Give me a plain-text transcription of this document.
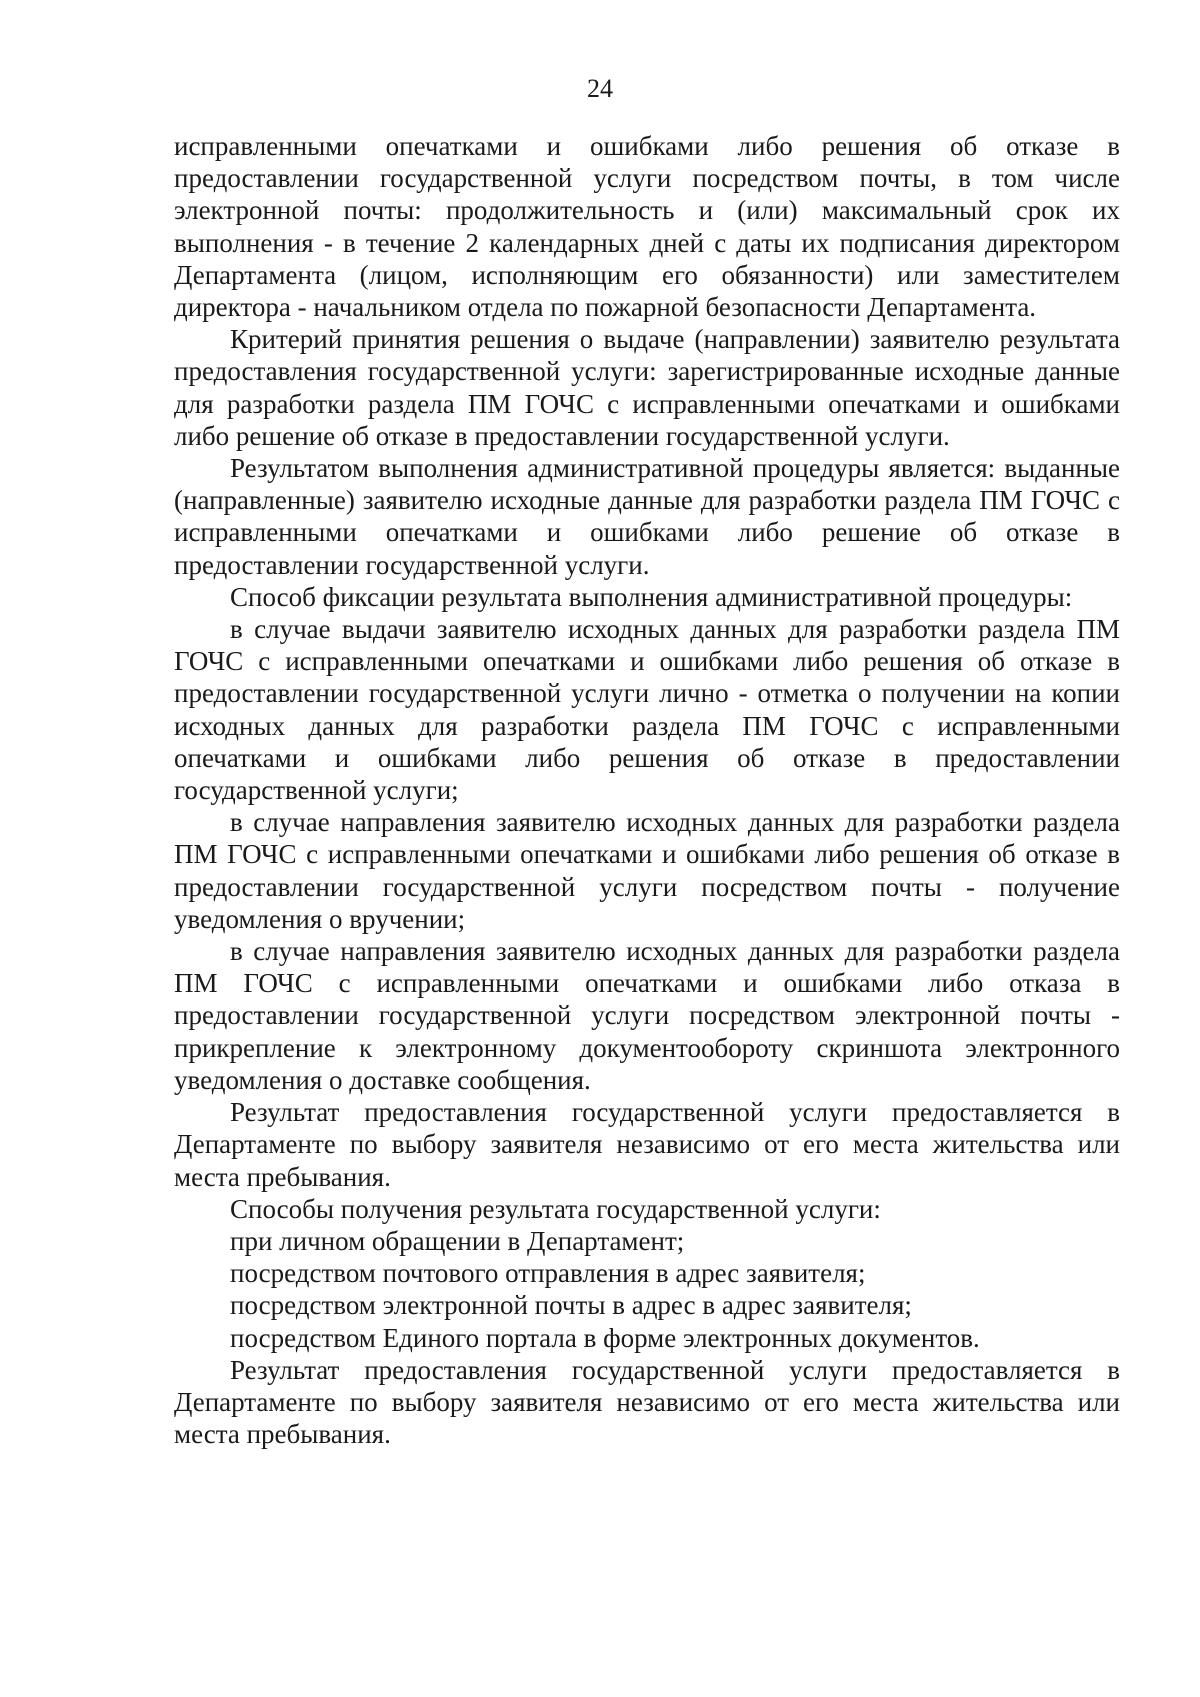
24

исправленными опечатками и ошибками либо решения об отказе в предоставлении государственной услуги посредством почты, в том числе электронной почты: продолжительность и (или) максимальный срок их выполнения - в течение 2 календарных дней с даты их подписания директором Департамента (лицом, исполняющим его обязанности) или заместителем директора - начальником отдела по пожарной безопасности Департамента.

Критерий принятия решения о выдаче (направлении) заявителю результата предоставления государственной услуги: зарегистрированные исходные данные для разработки раздела ПМ ГОЧС с исправленными опечатками и ошибками либо решение об отказе в предоставлении государственной услуги.

Результатом выполнения административной процедуры является: выданные (направленные) заявителю исходные данные для разработки раздела ПМ ГОЧС с исправленными опечатками и ошибками либо решение об отказе в предоставлении государственной услуги.

Способ фиксации результата выполнения административной процедуры:

в случае выдачи заявителю исходных данных для разработки раздела ПМ ГОЧС с исправленными опечатками и ошибками либо решения об отказе в предоставлении государственной услуги лично - отметка о получении на копии исходных данных для разработки раздела ПМ ГОЧС с исправленными опечатками и ошибками либо решения об отказе в предоставлении государственной услуги;

в случае направления заявителю исходных данных для разработки раздела ПМ ГОЧС с исправленными опечатками и ошибками либо решения об отказе в предоставлении государственной услуги посредством почты - получение уведомления о вручении;

в случае направления заявителю исходных данных для разработки раздела ПМ ГОЧС с исправленными опечатками и ошибками либо отказа в предоставлении государственной услуги посредством электронной почты - прикрепление к электронному документообороту скриншота электронного уведомления о доставке сообщения.

Результат предоставления государственной услуги предоставляется в Департаменте по выбору заявителя независимо от его места жительства или места пребывания.

Способы получения результата государственной услуги:

при личном обращении в Департамент;

посредством почтового отправления в адрес заявителя;

посредством электронной почты в адрес в адрес заявителя;

посредством Единого портала в форме электронных документов.

Результат предоставления государственной услуги предоставляется в Департаменте по выбору заявителя независимо от его места жительства или места пребывания.
